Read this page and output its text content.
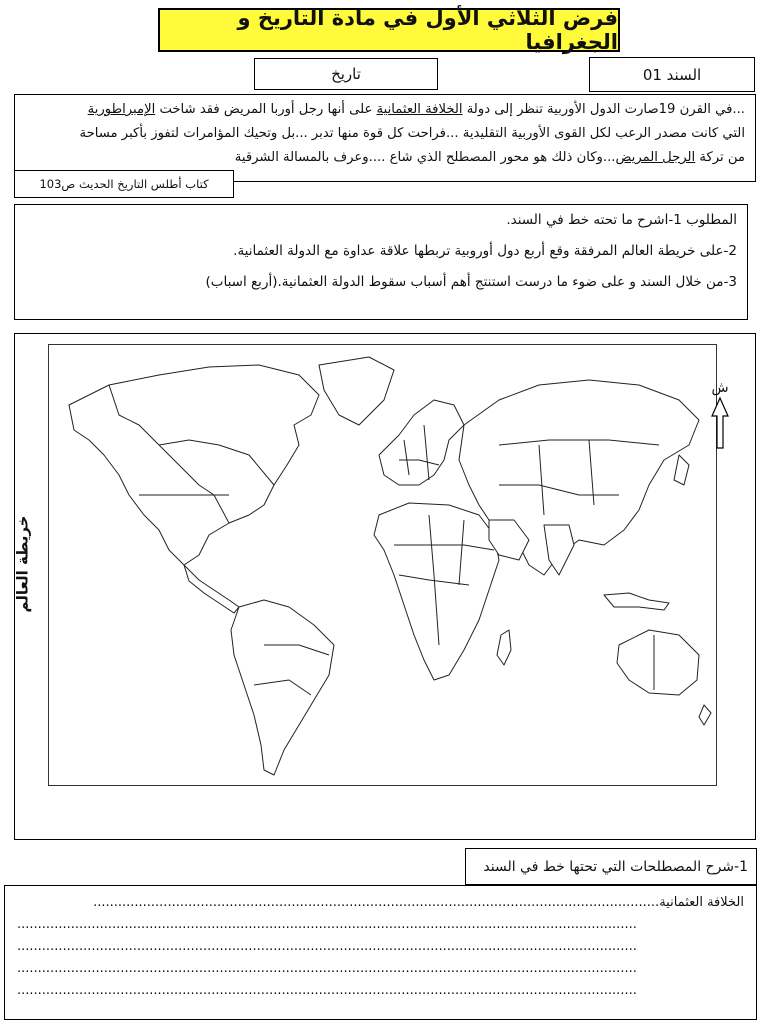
فرض الثلاثي الأول في مادة التاريخ و الجغرافيا
تاريخ	السند 01

...في القرن 19صارت الدول الأوربية تنظر إلى دولة الخلافة العثمانية على أنها رجل أوربا المريض فقد شاخت الإمبراطورية

التي كانت مصدر الرعب لكل القوى الأوربية التقليدية ...فراحت كل قوة منها تدبر ...بل وتحيك المؤامرات لتفوز بأكبر مساحة

من تركة الرجل المريض...وكان ذلك هو محور المصطلح الذي شاع ....وعرف بالمسالة الشرقية

كتاب أطلس التاريخ الحديث ص103

المطلوب 1-اشرح ما تحته خط في السند.

2-على خريطة العالم المرفقة وقع أربع دول أوروبية تربطها علاقة عداوة مع الدولة العثمانية.

3-من خلال السند و على ضوء ما درست استنتج أهم أسباب سقوط الدولة العثمانية.(أربع اسباب)

خريطة العالم
ش
1-شرح المصطلحات التي تحتها خط في السند
الخلافة العثمانية.........................................................................................................................................
......................................................................................................................................................
......................................................................................................................................................
......................................................................................................................................................
......................................................................................................................................................
